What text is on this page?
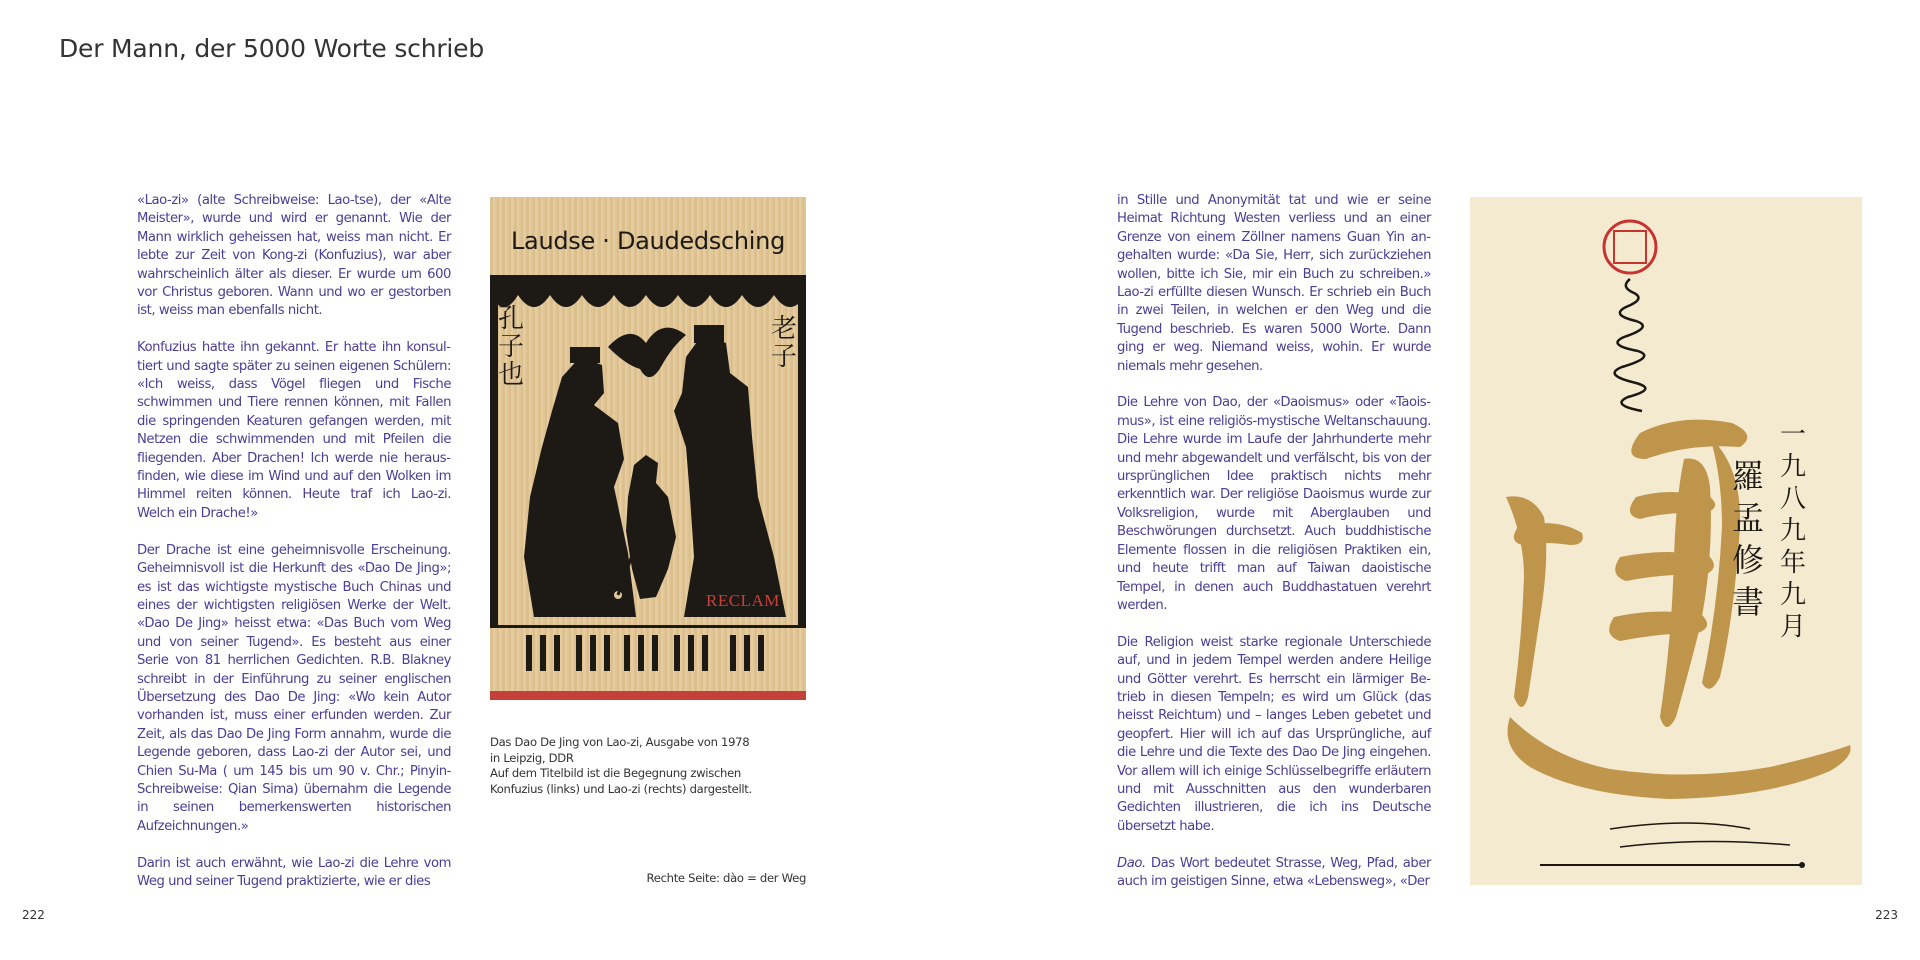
Der Mann, der 5000 Worte schrieb

«Lao-zi» (alte Schreibweise: Lao-tse), der «Alte Meister», wurde und wird er genannt. Wie der Mann wirklich geheissen hat, weiss man nicht. Er lebte zur Zeit von Kong-zi (Konfuzius), war aber wahrscheinlich älter als dieser. Er wurde um 600 vor Christus geboren. Wann und wo er gestorben ist, weiss man ebenfalls nicht.

Konfuzius hatte ihn gekannt. Er hatte ihn konsultiert und sagte später zu seinen eigenen Schülern: «Ich weiss, dass Vögel fliegen und Fische schwimmen und Tiere rennen können, mit Fallen die springenden Keaturen gefangen werden, mit Netzen die schwimmenden und mit Pfeilen die fliegenden. Aber Drachen! Ich werde nie herausfinden, wie diese im Wind und auf den Wolken im Himmel reiten können. Heute traf ich Lao-zi. Welch ein Drache!»

Der Drache ist eine geheimnisvolle Erscheinung. Geheimnisvoll ist die Herkunft des «Dao De Jing»; es ist das wichtigste mystische Buch Chinas und eines der wichtigsten religiösen Werke der Welt. «Dao De Jing» heisst etwa: «Das Buch vom Weg und von seiner Tugend». Es besteht aus einer Serie von 81 herrlichen Gedichten. R.B. Blakney schreibt in der Einführung zu seiner englischen Übersetzung des Dao De Jing: «Wo kein Autor vorhanden ist, muss einer erfunden werden. Zur Zeit, als das Dao De Jing Form annahm, wurde die Legende geboren, dass Lao-zi der Autor sei, und Chien Su-Ma ( um 145 bis um 90 v. Chr.; Pinyin-Schreibweise: Qian Sima) übernahm die Legende in seinen bemerkenswerten historischen Aufzeichnungen.»

Darin ist auch erwähnt, wie Lao-zi die Lehre vom Weg und seiner Tugend praktizierte, wie er dies

Laudse · Daudedsching
孔
子
也
老
子
RECLAM
Das Dao De Jing von Lao-zi, Ausgabe von 1978
in Leipzig, DDR
Auf dem Titelbild ist die Begegnung zwischen
Konfuzius (links) und Lao-zi (rechts) dargestellt.
Rechte Seite: dào = der Weg
222

in Stille und Anonymität tat und wie er seine Heimat Richtung Westen verliess und an einer Grenze von einem Zöllner namens Guan Yin angehalten wurde: «Da Sie, Herr, sich zurückziehen wollen, bitte ich Sie, mir ein Buch zu schreiben.» Lao-zi erfüllte diesen Wunsch. Er schrieb ein Buch in zwei Teilen, in welchen er den Weg und die Tugend beschrieb. Es waren 5000 Worte. Dann ging er weg. Niemand weiss, wohin. Er wurde niemals mehr gesehen.

Die Lehre von Dao, der «Daoismus» oder «Taoismus», ist eine religiös-mystische Weltanschauung. Die Lehre wurde im Laufe der Jahrhunderte mehr und mehr abgewandelt und verfälscht, bis von der ursprünglichen Idee praktisch nichts mehr erkenntlich war. Der religiöse Daoismus wurde zur Volksreligion, wurde mit Aberglauben und Beschwörungen durchsetzt. Auch buddhistische Elemente flossen in die religiösen Praktiken ein, und heute trifft man auf Taiwan daoistische Tempel, in denen auch Buddhastatuen verehrt werden.

Die Religion weist starke regionale Unterschiede auf, und in jedem Tempel werden andere Heilige und Götter verehrt. Es herrscht ein lärmiger Betrieb in diesen Tempeln; es wird um Glück (das heisst Reichtum) und – langes Leben gebetet und geopfert. Hier will ich auf das Ursprüngliche, auf die Lehre und die Texte des Dao De Jing eingehen. Vor allem will ich einige Schlüsselbegriffe erläutern und mit Ausschnitten aus den wunderbaren Gedichten illustrieren, die ich ins Deutsche übersetzt habe.

Dao. Das Wort bedeutet Strasse, Weg, Pfad, aber auch im geistigen Sinne, etwa «Lebensweg», «Der

一
九
八
九
年
九
月
羅
孟
修
書
223
